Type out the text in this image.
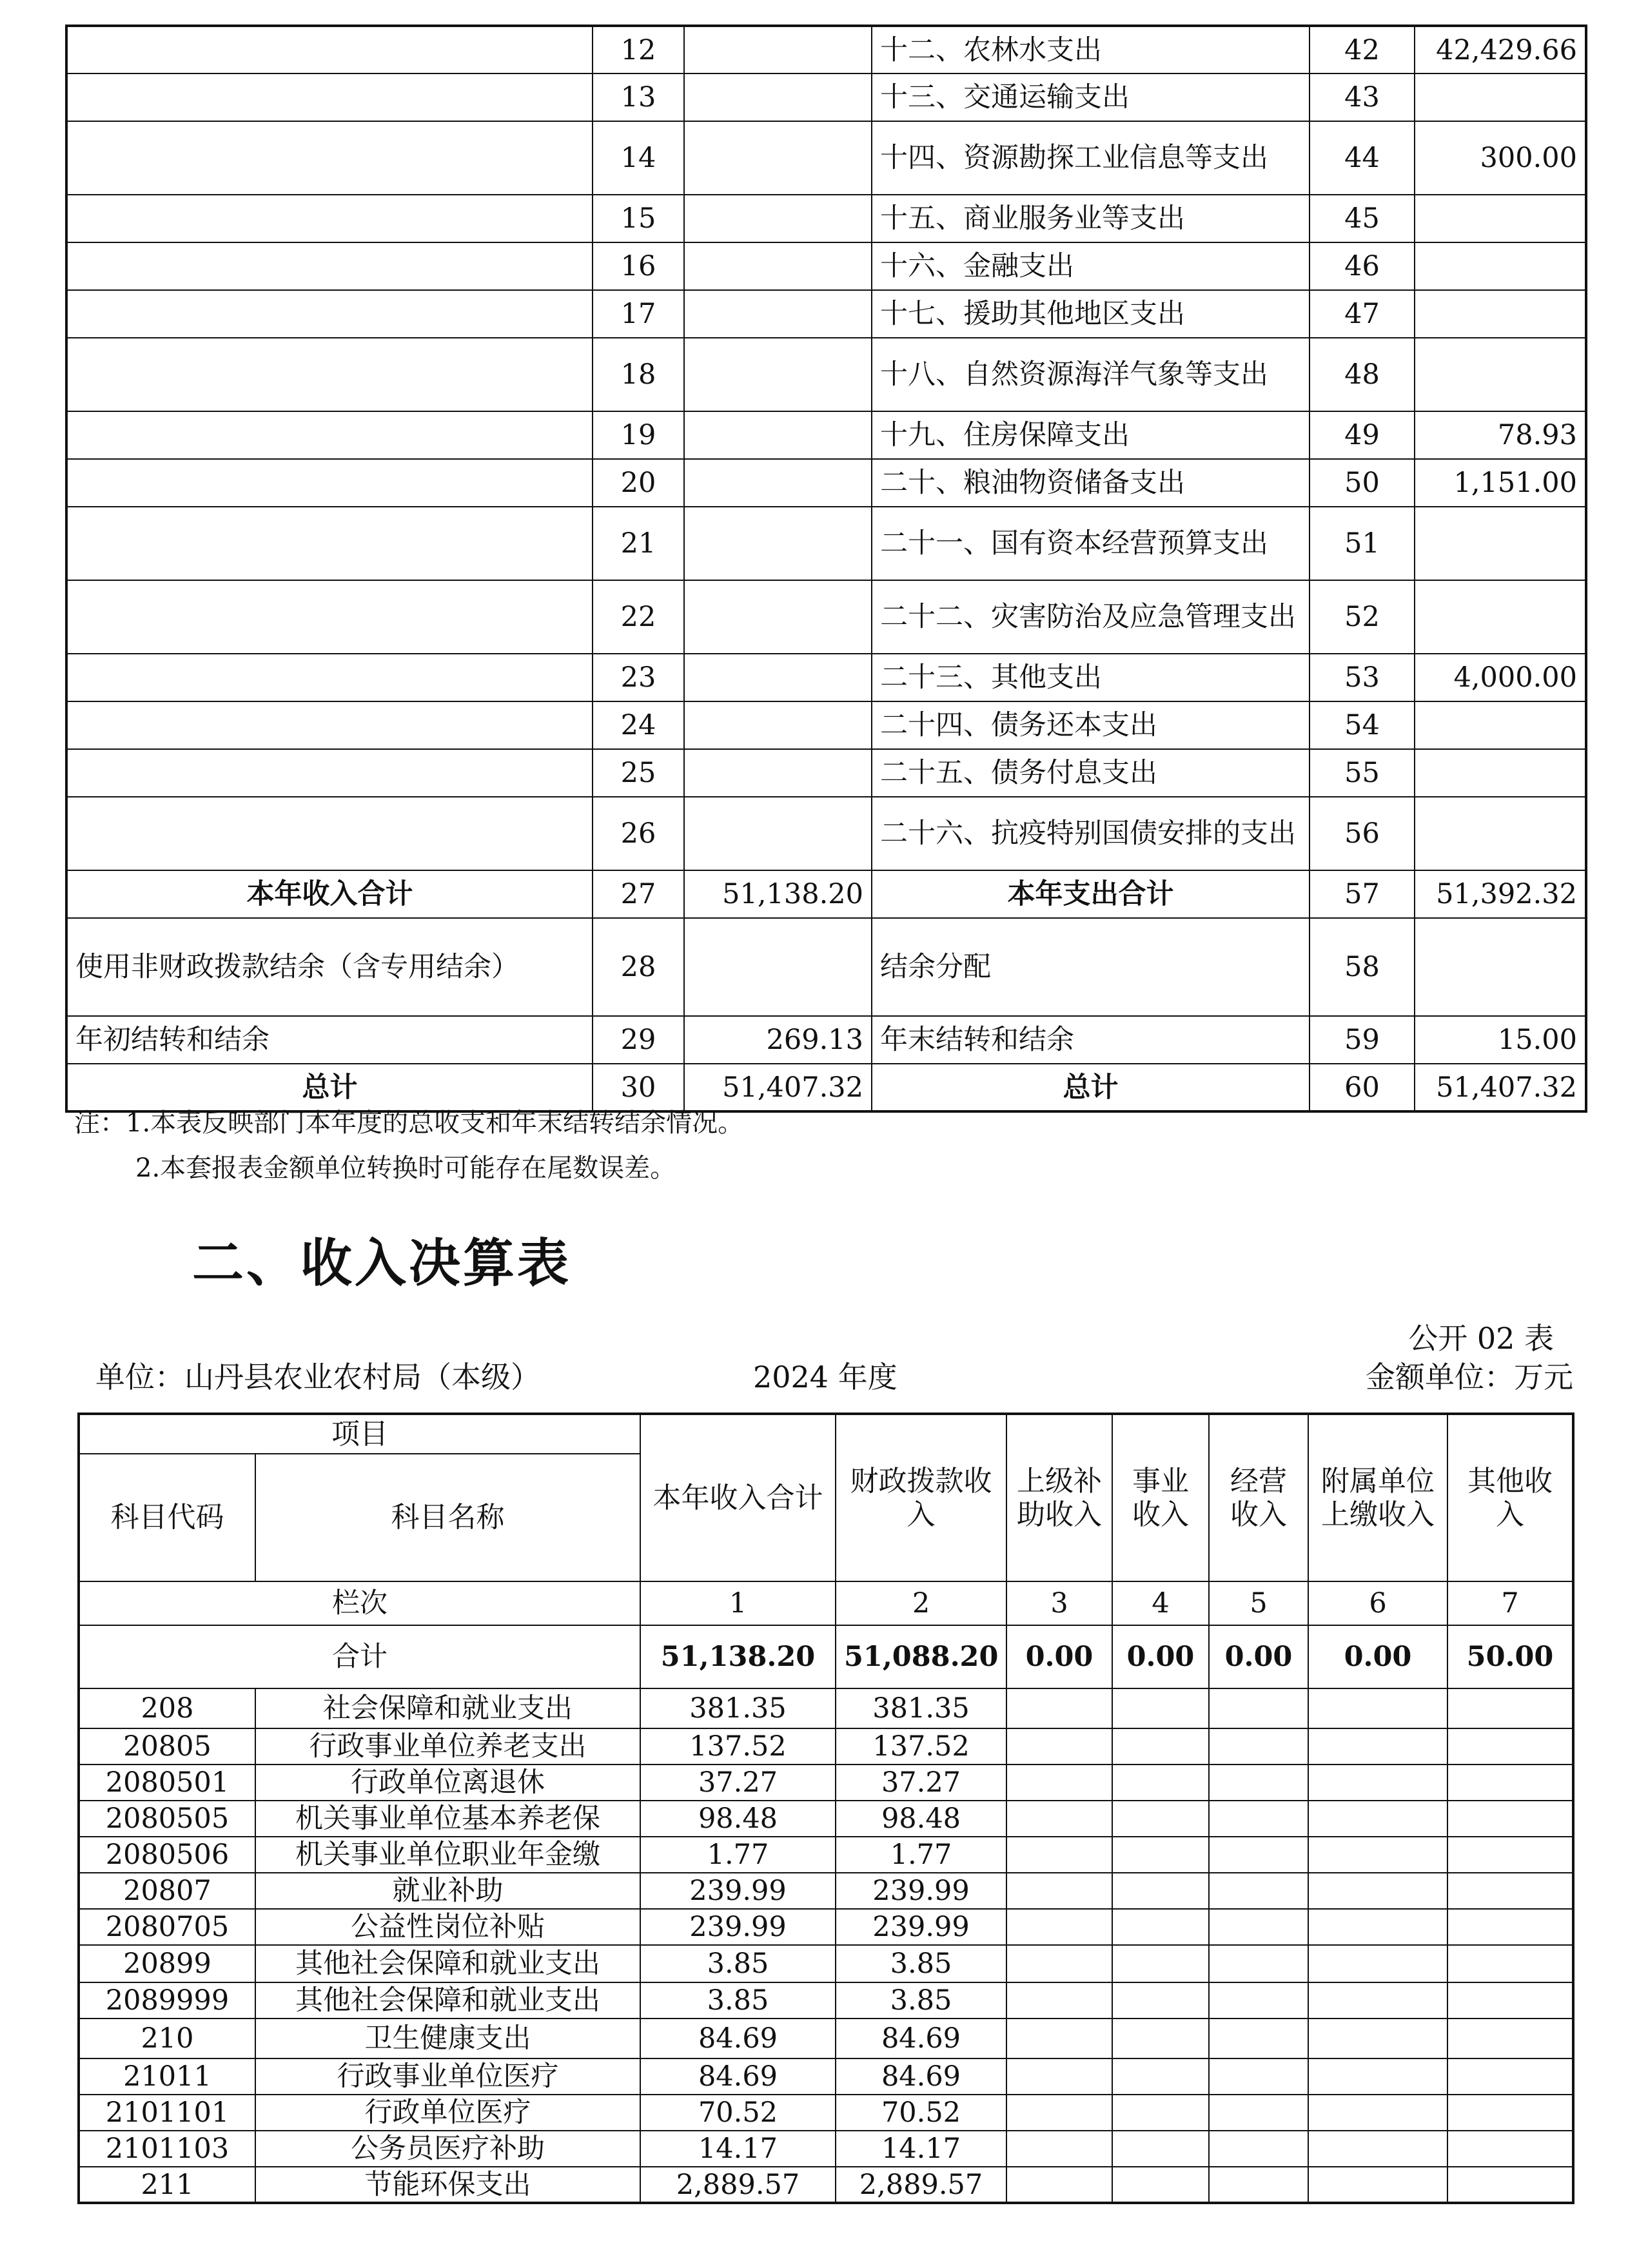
	12		十二、农林水支出	42	42,429.66
	13		十三、交通运输支出	43	
	14		十四、资源勘探工业信息等支出	44	300.00
	15		十五、商业服务业等支出	45	
	16		十六、金融支出	46	
	17		十七、援助其他地区支出	47	
	18		十八、自然资源海洋气象等支出	48	
	19		十九、住房保障支出	49	78.93
	20		二十、粮油物资储备支出	50	1,151.00
	21		二十一、国有资本经营预算支出	51	
	22		二十二、灾害防治及应急管理支出	52	
	23		二十三、其他支出	53	4,000.00
	24		二十四、债务还本支出	54	
	25		二十五、债务付息支出	55	
	26		二十六、抗疫特别国债安排的支出	56	
本年收入合计	27	51,138.20	本年支出合计	57	51,392.32
使用非财政拨款结余（含专用结余）	28		结余分配	58	
年初结转和结余	29	269.13	年末结转和结余	59	15.00
总计	30	51,407.32	总计	60	51,407.32
注：1.本表反映部门本年度的总收支和年末结转结余情况。
2.本套报表金额单位转换时可能存在尾数误差。
二、收入决算表
公开 02 表
单位：山丹县农业农村局（本级）	2024 年度	金额单位：万元
项目		本年收入合计	财政拨款收入	上级补助收入	事业收入	经营收入	附属单位上缴收入	其他收入
科目代码	科目名称							
栏次		1	2	3	4	5	6	7
合计		51,138.20	51,088.20	0.00	0.00	0.00	0.00	50.00
208	社会保障和就业支出	381.35	381.35					
20805	行政事业单位养老支出	137.52	137.52					
2080501	行政单位离退休	37.27	37.27					
2080505	机关事业单位基本养老保	98.48	98.48					
2080506	机关事业单位职业年金缴	1.77	1.77					
20807	就业补助	239.99	239.99					
2080705	公益性岗位补贴	239.99	239.99					
20899	其他社会保障和就业支出	3.85	3.85					
2089999	其他社会保障和就业支出	3.85	3.85					
210	卫生健康支出	84.69	84.69					
21011	行政事业单位医疗	84.69	84.69					
2101101	行政单位医疗	70.52	70.52					
2101103	公务员医疗补助	14.17	14.17					
211	节能环保支出	2,889.57	2,889.57					
